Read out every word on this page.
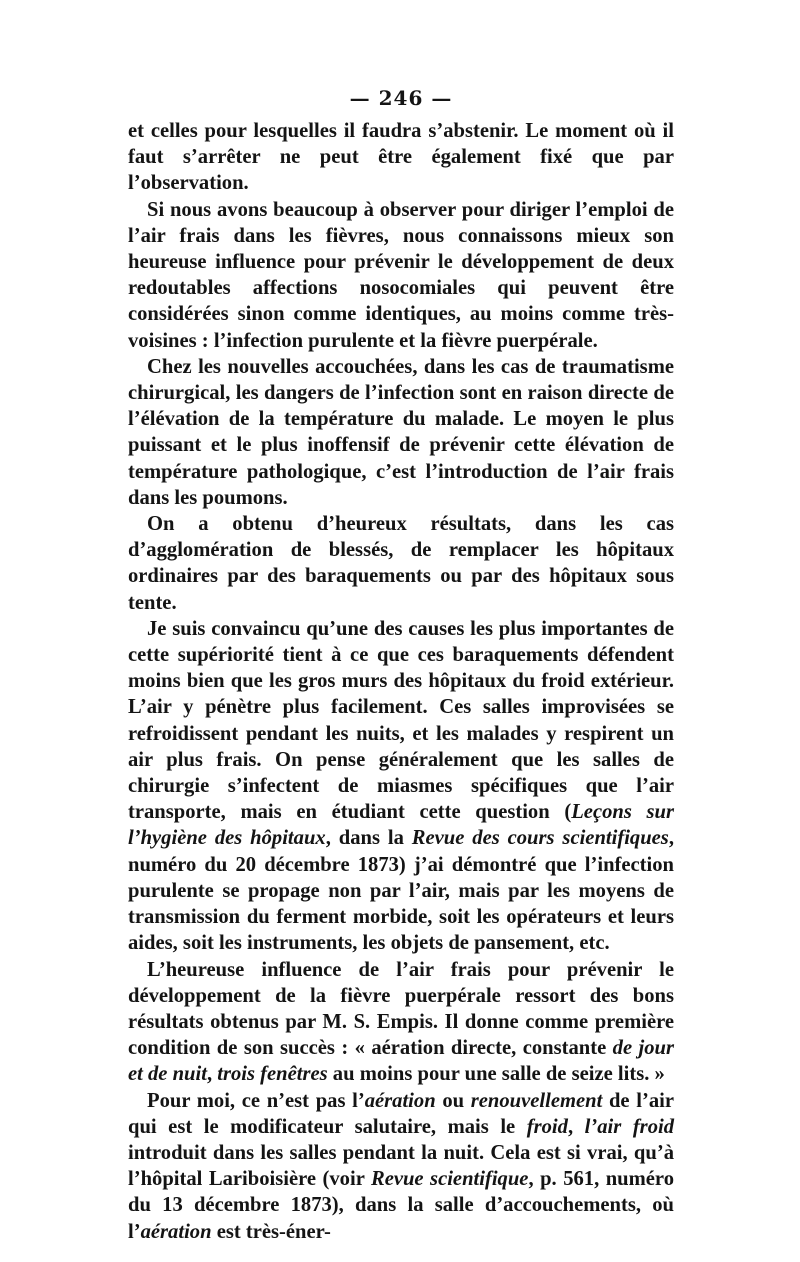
— 246 —

et celles pour lesquelles il faudra s’abstenir. Le moment où il faut s’arrêter ne peut être également fixé que par l’observation.

Si nous avons beaucoup à observer pour diriger l’emploi de l’air frais dans les fièvres, nous connaissons mieux son heureuse influence pour prévenir le développement de deux redoutables affections nosocomiales qui peuvent être considérées sinon comme identiques, au moins comme très-voisines : l’infection purulente et la fièvre puerpérale.

Chez les nouvelles accouchées, dans les cas de traumatisme chirurgical, les dangers de l’infection sont en raison directe de l’élévation de la température du malade. Le moyen le plus puissant et le plus inoffensif de prévenir cette élévation de température pathologique, c’est l’introduction de l’air frais dans les poumons.

On a obtenu d’heureux résultats, dans les cas d’agglomération de blessés, de remplacer les hôpitaux ordinaires par des baraquements ou par des hôpitaux sous tente.

Je suis convaincu qu’une des causes les plus importantes de cette supériorité tient à ce que ces baraquements défendent moins bien que les gros murs des hôpitaux du froid extérieur. L’air y pénètre plus facilement. Ces salles improvisées se refroidissent pendant les nuits, et les malades y respirent un air plus frais. On pense généralement que les salles de chirurgie s’infectent de miasmes spécifiques que l’air transporte, mais en étudiant cette question (Leçons sur l’hygiène des hôpitaux, dans la Revue des cours scientifiques, numéro du 20 décembre 1873) j’ai démontré que l’infection purulente se propage non par l’air, mais par les moyens de transmission du ferment morbide, soit les opérateurs et leurs aides, soit les instruments, les objets de pansement, etc.

L’heureuse influence de l’air frais pour prévenir le développement de la fièvre puerpérale ressort des bons résultats obtenus par M. S. Empis. Il donne comme première condition de son succès : « aération directe, constante de jour et de nuit, trois fenêtres au moins pour une salle de seize lits. »

Pour moi, ce n’est pas l’aération ou renouvellement de l’air qui est le modificateur salutaire, mais le froid, l’air froid introduit dans les salles pendant la nuit. Cela est si vrai, qu’à l’hôpital Lariboisière (voir Revue scientifique, p. 561, numéro du 13 décembre 1873), dans la salle d’accouchements, où l’aération est très-éner-
